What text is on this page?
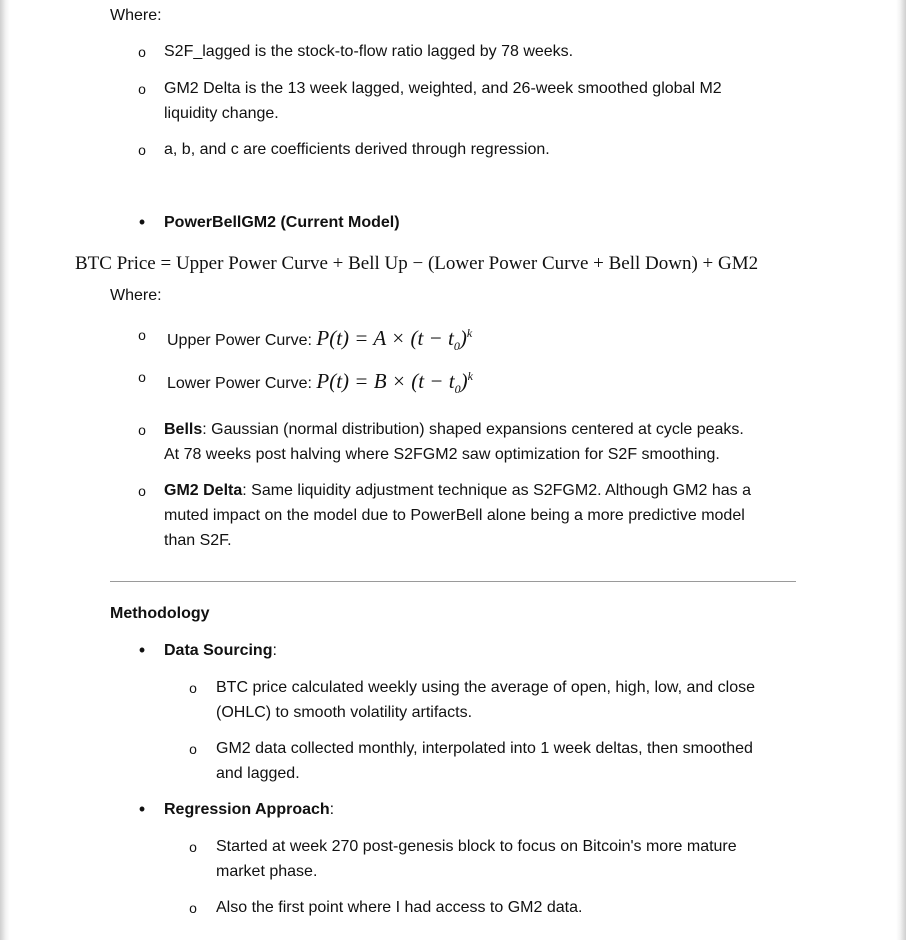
Where:

o	S2F_lagged is the stock-to-flow ratio lagged by 78 weeks.

o	GM2 Delta is the 13 week lagged, weighted, and 26-week smoothed global M2

liquidity change.

o	a, b, and c are coefficients derived through regression.

•	PowerBellGM2 (Current Model)

BTC Price = Upper Power Curve + Bell Up − (Lower Power Curve + Bell Down) + GM2

Where:

o	Upper Power Curve: $P(t) = A \times (t - t_0)^k$

o	Lower Power Curve: $P(t) = B \times (t - t_0)^k$

o	Bells: Gaussian (normal distribution) shaped expansions centered at cycle peaks.

At 78 weeks post halving where S2FGM2 saw optimization for S2F smoothing.

o	GM2 Delta: Same liquidity adjustment technique as S2FGM2. Although GM2 has a

muted impact on the model due to PowerBell alone being a more predictive model

than S2F.

Methodology

•	Data Sourcing:

o	BTC price calculated weekly using the average of open, high, low, and close

(OHLC) to smooth volatility artifacts.

o	GM2 data collected monthly, interpolated into 1 week deltas, then smoothed

and lagged.

•	Regression Approach:

o	Started at week 270 post-genesis block to focus on Bitcoin's more mature

market phase.

o	Also the first point where I had access to GM2 data.
